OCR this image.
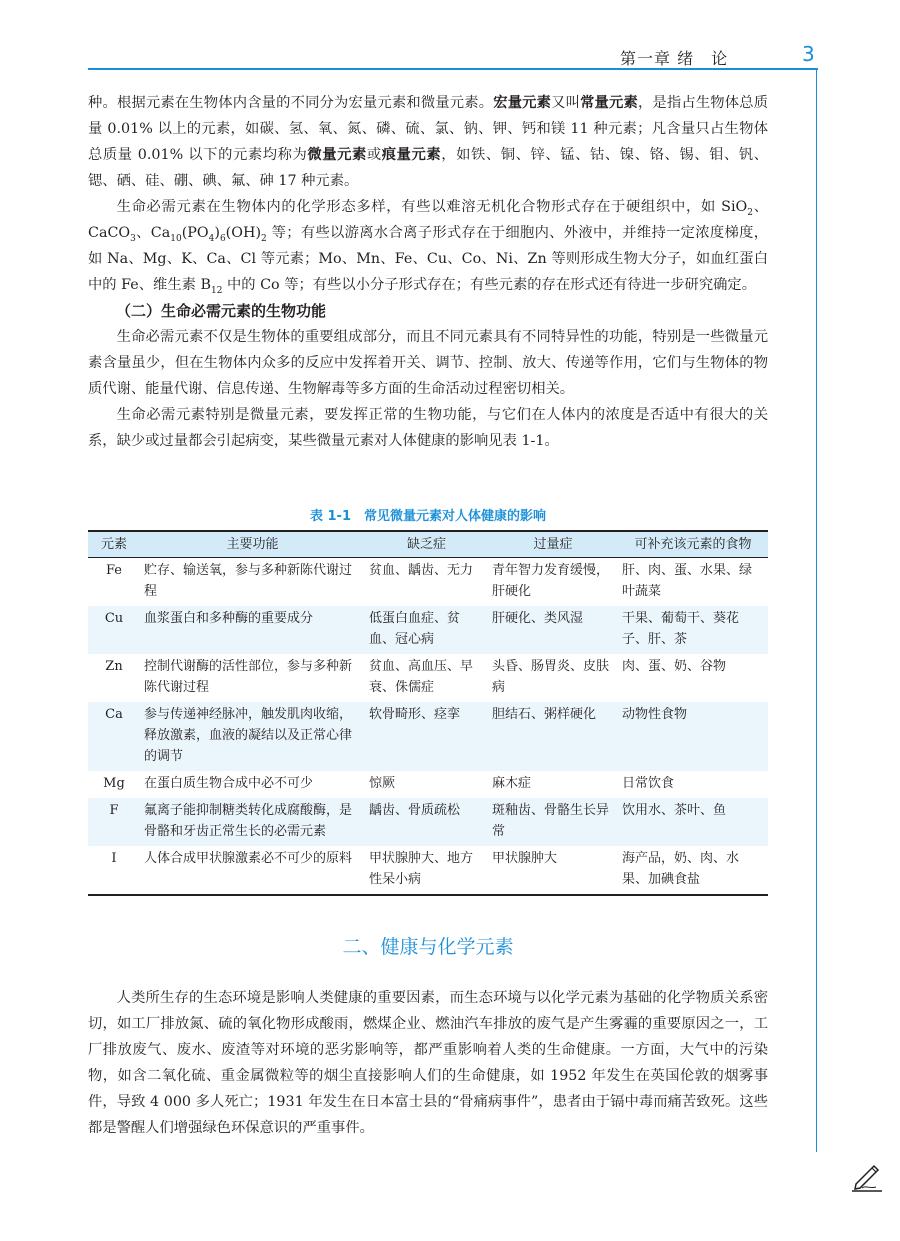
第一章 绪　论	3

种。根据元素在生物体内含量的不同分为宏量元素和微量元素。宏量元素又叫常量元素，是指占生物体总质量 0.01% 以上的元素，如碳、氢、氧、氮、磷、硫、氯、钠、钾、钙和镁 11 种元素；凡含量只占生物体总质量 0.01% 以下的元素均称为微量元素或痕量元素，如铁、铜、锌、锰、钴、镍、铬、锡、钼、钒、锶、硒、硅、硼、碘、氟、砷 17 种元素。

生命必需元素在生物体内的化学形态多样，有些以难溶无机化合物形式存在于硬组织中，如 SiO$_2$、CaCO$_3$、$Ca_{10}(PO_4)_6(OH)_2$ 等；有些以游离水合离子形式存在于细胞内、外液中，并维持一定浓度梯度，如 Na、Mg、K、Ca、Cl 等元素；Mo、Mn、Fe、Cu、Co、Ni、Zn 等则形成生物大分子，如血红蛋白中的 Fe、维生素 $B_{12}$ 中的 Co 等；有些以小分子形式存在；有些元素的存在形式还有待进一步研究确定。

（二）生命必需元素的生物功能

生命必需元素不仅是生物体的重要组成部分，而且不同元素具有不同特异性的功能，特别是一些微量元素含量虽少，但在生物体内众多的反应中发挥着开关、调节、控制、放大、传递等作用，它们与生物体的物质代谢、能量代谢、信息传递、生物解毒等多方面的生命活动过程密切相关。

生命必需元素特别是微量元素，要发挥正常的生物功能，与它们在人体内的浓度是否适中有很大的关系，缺少或过量都会引起病变，某些微量元素对人体健康的影响见表 1-1。

表 1-1　常见微量元素对人体健康的影响
元素	主要功能	缺乏症	过量症	可补充该元素的食物
Fe	贮存、输送氧，参与多种新陈代谢过程	贫血、龋齿、无力	青年智力发育缓慢，肝硬化	肝、肉、蛋、水果、绿叶蔬菜
Cu	血浆蛋白和多种酶的重要成分	低蛋白血症、贫血、冠心病	肝硬化、类风湿	干果、葡萄干、葵花子、肝、茶
Zn	控制代谢酶的活性部位，参与多种新陈代谢过程	贫血、高血压、早衰、侏儒症	头昏、肠胃炎、皮肤病	肉、蛋、奶、谷物
Ca	参与传递神经脉冲，触发肌肉收缩，释放激素，血液的凝结以及正常心律的调节	软骨畸形、痉挛	胆结石、粥样硬化	动物性食物
Mg	在蛋白质生物合成中必不可少	惊厥	麻木症	日常饮食
F	氟离子能抑制糖类转化成腐酸酶，是骨骼和牙齿正常生长的必需元素	龋齿、骨质疏松	斑釉齿、骨骼生长异常	饮用水、茶叶、鱼
I	人体合成甲状腺激素必不可少的原料	甲状腺肿大、地方性呆小病	甲状腺肿大	海产品，奶、肉、水果、加碘食盐
二、健康与化学元素

人类所生存的生态环境是影响人类健康的重要因素，而生态环境与以化学元素为基础的化学物质关系密切，如工厂排放氮、硫的氧化物形成酸雨，燃煤企业、燃油汽车排放的废气是产生雾霾的重要原因之一，工厂排放废气、废水、废渣等对环境的恶劣影响等，都严重影响着人类的生命健康。一方面，大气中的污染物，如含二氧化硫、重金属微粒等的烟尘直接影响人们的生命健康，如 1952 年发生在英国伦敦的烟雾事件，导致 4 000 多人死亡；1931 年发生在日本富士县的“骨痛病事件”，患者由于镉中毒而痛苦致死。这些都是警醒人们增强绿色环保意识的严重事件。
